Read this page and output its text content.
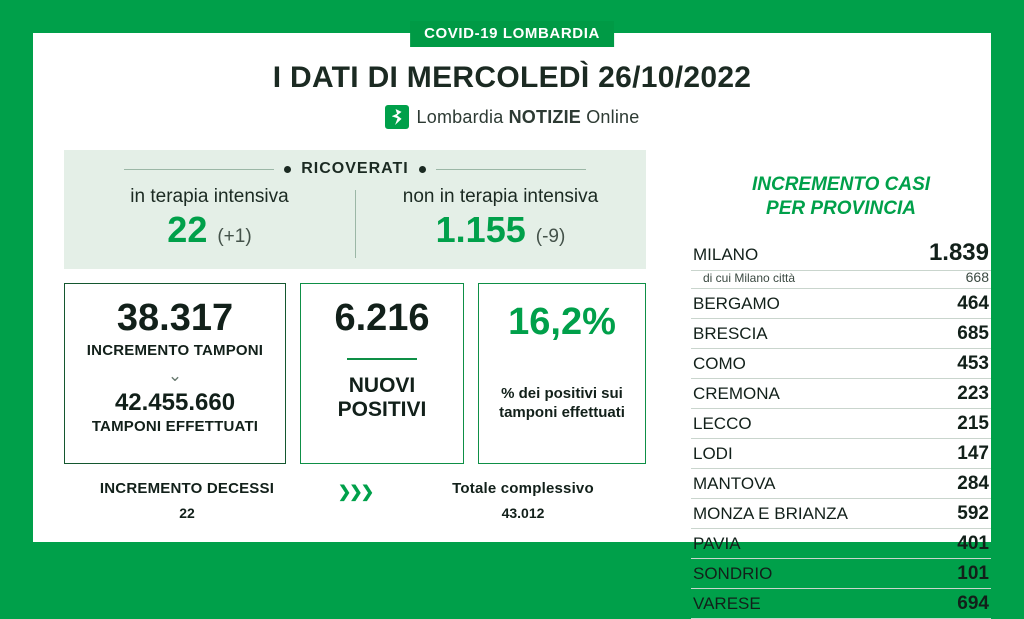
COVID-19 LOMBARDIA
I DATI DI MERCOLEDÌ 26/10/2022
Lombardia NOTIZIE Online
RICOVERATI
in terapia intensiva
22 (+1)
non in terapia intensiva
1.155 (-9)
38.317
INCREMENTO TAMPONI
⌄
42.455.660
TAMPONI EFFETTUATI
6.216
NUOVI
POSITIVI
16,2%
% dei positivi sui
tamponi effettuati
INCREMENTO DECESSI
22
❯❯❯	Totale complessivo
43.012
INCREMENTO CASI
PER PROVINCIA
MILANO	1.839
di cui Milano città	668
BERGAMO	464
BRESCIA	685
COMO	453
CREMONA	223
LECCO	215
LODI	147
MANTOVA	284
MONZA E BRIANZA	592
PAVIA	401
SONDRIO	101
VARESE	694
